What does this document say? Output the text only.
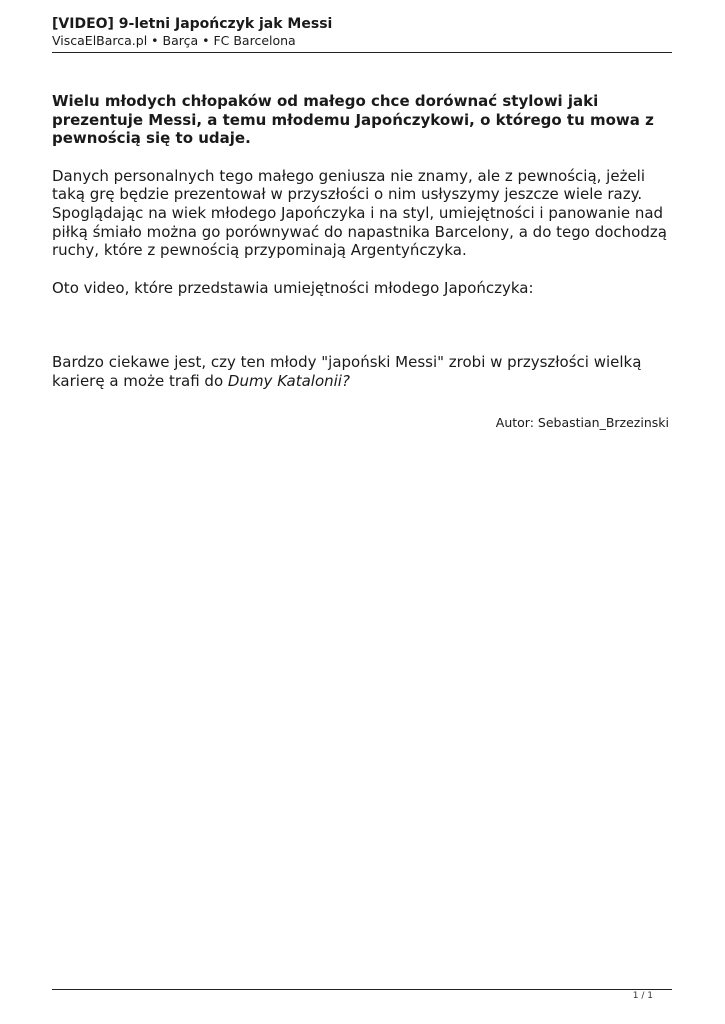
[VIDEO] 9-letni Japończyk jak Messi

ViscaElBarca.pl • Barça • FC Barcelona

Wielu młodych chłopaków od małego chce dorównać stylowi jaki prezentuje Messi, a temu młodemu Japończykowi, o którego tu mowa z pewnością się to udaje.

Danych personalnych tego małego geniusza nie znamy, ale z pewnością, jeżeli taką grę będzie prezentował w przyszłości o nim usłyszymy jeszcze wiele razy. Spoglądając na wiek młodego Japończyka i na styl, umiejętności i panowanie nad piłką śmiało można go porównywać do napastnika Barcelony, a do tego dochodzą ruchy, które z pewnością przypominają Argentyńczyka.

Oto video, które przedstawia umiejętności młodego Japończyka:

Bardzo ciekawe jest, czy ten młody "japoński Messi" zrobi w przyszłości wielką karierę a może trafi do Dumy Katalonii?

Autor: Sebastian_Brzezinski
1 / 1
